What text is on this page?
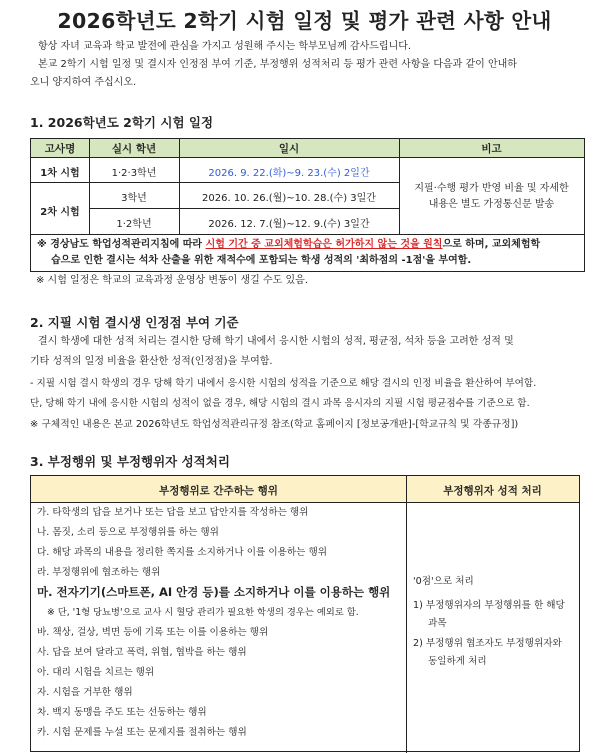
2026학년도 2학기 시험 일정 및 평가 관련 사항 안내
항상 자녀 교육과 학교 발전에 관심을 가지고 성원해 주시는 학부모님께 감사드립니다.
본교 2학기 시험 일정 및 결시자 인정점 부여 기준, 부정행위 성적처리 등 평가 관련 사항을 다음과 같이 안내하
오니 양지하여 주십시오.
1. 2026학년도 2학기 시험 일정
고사명	실시 학년	일시	비고
1차 시험	1·2·3학년	2026. 9. 22.(화)~9. 23.(수) 2일간
2차 시험
3학년	2026. 10. 26.(월)~10. 28.(수) 3일간
1·2학년	2026. 12. 7.(월)~12. 9.(수) 3일간
지필·수행 평가 반영 비율 및 자세한
내용은 별도 가정통신문 발송
※ 경상남도 학업성적관리지침에 따라 시험 기간 중 교외체험학습은 허가하지 않는 것을 원칙으로 하며, 교외체험학
습으로 인한 결시는 석차 산출을 위한 재적수에 포함되는 학생 성적의 '최하점의 -1점'을 부여함.
※ 시험 일정은 학교의 교육과정 운영상 변동이 생길 수도 있음.
2. 지필 시험 결시생 인정점 부여 기준
결시 학생에 대한 성적 처리는 결시한 당해 학기 내에서 응시한 시험의 성적, 평균점, 석차 등을 고려한 성적 및
기타 성적의 일정 비율을 환산한 성적(인정점)을 부여함.
- 지필 시험 결시 학생의 경우 당해 학기 내에서 응시한 시험의 성적을 기준으로 해당 결시의 인정 비율을 환산하여 부여함.
단, 당해 학기 내에 응시한 시험의 성적이 없을 경우, 해당 시험의 결시 과목 응시자의 지필 시험 평균점수를 기준으로 함.
※ 구체적인 내용은 본교 2026학년도 학업성적관리규정 참조(학교 홈페이지 [정보공개판]-[학교규칙 및 각종규정])
3. 부정행위 및 부정행위자 성적처리
부정행위로 간주하는 행위	부정행위자 성적 처리
가. 타학생의 답을 보거나 또는 답을 보고 답안지를 작성하는 행위
나. 몸짓, 소리 등으로 부정행위를 하는 행위
다. 해당 과목의 내용을 정리한 쪽지를 소지하거나 이를 이용하는 행위
라. 부정행위에 협조하는 행위
마. 전자기기(스마트폰, AI 안경 등)를 소지하거나 이를 이용하는 행위
※ 단, '1형 당뇨병'으로 교사 시 혈당 관리가 필요한 학생의 경우는 예외로 함.
바. 책상, 걸상, 벽면 등에 기록 또는 이를 이용하는 행위
사. 답을 보여 달라고 폭력, 위협, 협박을 하는 행위
아. 대리 시험을 치르는 행위
자. 시험을 거부한 행위
차. 백지 동맹을 주도 또는 선동하는 행위
카. 시험 문제를 누설 또는 문제지를 절취하는 행위
'0점'으로 처리
1) 부정행위자의 부정행위를 한 해당
과목
2) 부정행위 협조자도 부정행위자와
동일하게 처리
